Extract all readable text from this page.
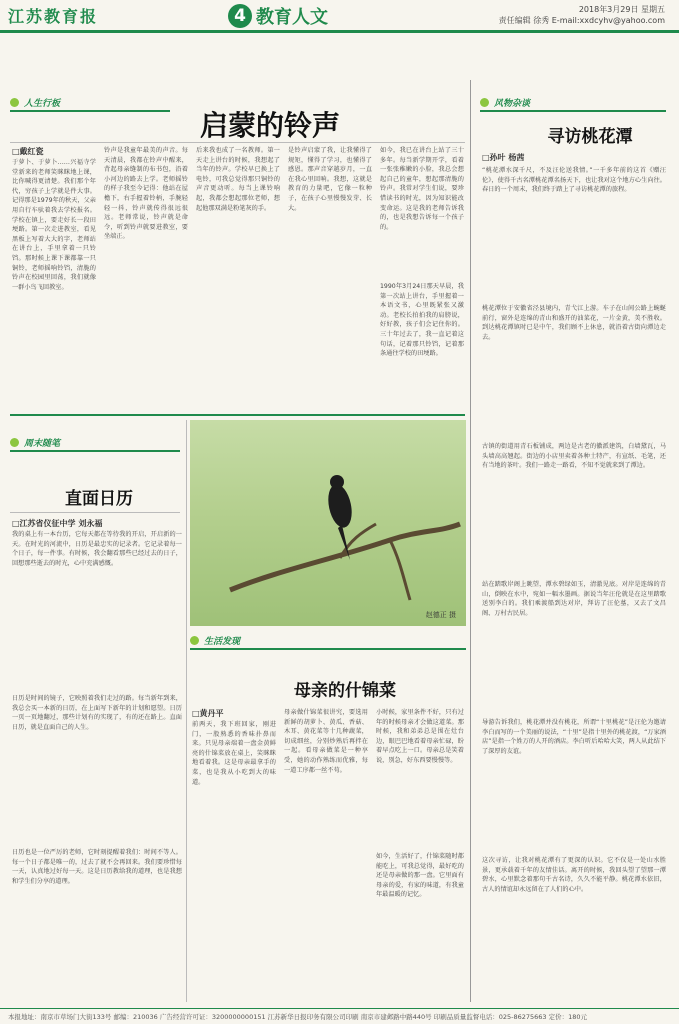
江苏教育报	4 教育人文	2018年3月29日 星期五
责任编辑 徐秀 E-mail:xxdcyhv@yahoo.com
人生行板
启蒙的铃声
□戴红瓷
于萝卜、于萝卜……兴福寺学堂新来的老师笑眯眯地上课，比你喊得更清楚。我们那个年代，穷孩子上学就是件大事。记得那是1979年的秋天，父亲用自行车驮着我去学校报名。学校在镇上，要走好长一段田埂路。第一次走进教室，看见黑板上写着大大的字，老师站在讲台上，手里拿着一只铃铛。那时候上课下课都靠一只铜铃，老师摇响铃铛，清脆的铃声在校园里回荡，我们就像一群小鸟飞回教室。
铃声是我童年最美的声音。每天清晨，我都在铃声中醒来，背起母亲缝制的布书包，沿着小河边的路去上学。老师摇铃的样子我至今记得：他站在屋檐下，右手握着铃柄，手腕轻轻一抖，铃声就传得很远很远。老师常说，铃声就是命令，听到铃声就要进教室，要坐端正。
后来我也成了一名教师。第一天走上讲台的时候，我想起了当年的铃声。学校早已换上了电铃，可我总觉得那只铜铃的声音更动听。每当上课铃响起，我都会想起那位老师，想起他那双满是粉笔灰的手。
是铃声启蒙了我，让我懂得了规矩，懂得了学习，也懂得了感恩。那声音穿越岁月，一直在我心里回响。我想，这就是教育的力量吧，它像一粒种子，在孩子心里慢慢发芽、长大。
如今，我已在讲台上站了三十多年。每当新学期开学，看着一张张稚嫩的小脸，我总会想起自己的童年，想起那清脆的铃声。我常对学生们说，要珍惜读书的时光，因为知识能改变命运。这是我的老师告诉我的，也是我想告诉每一个孩子的。
1990年3月24日那天早晨，我第一次站上讲台，手里握着一本语文书，心里既紧张又激动。老校长拍拍我的肩膀说，好好教，孩子们会记住你的。三十年过去了，我一直记着这句话，记着那只铃铛，记着那条通往学校的田埂路。
风物杂谈
寻访桃花潭
□孙叶 杨茜
“桃花潭水深千尺，不及汪伦送我情。”一千多年前的这首《赠汪伦》，使得千古名潭桃花潭名扬天下，也让我对这个地方心生向往。春日的一个周末，我们终于踏上了寻访桃花潭的旅程。
桃花潭位于安徽省泾县境内，青弋江上游。车子在山间公路上蜿蜒前行，窗外是连绵的青山和盛开的油菜花，一片金黄，美不胜收。到达桃花潭镇时已是中午，我们顾不上休息，就沿着古街向潭边走去。
古镇的街道用青石板铺成，两边是古老的徽派建筑，白墙黛瓦，马头墙高高翘起。街边的小店里卖着各种土特产，有宣纸、毛笔，还有当地的茶叶。我们一路走一路看，不知不觉就来到了潭边。
站在踏歌岸阁上眺望，潭水碧绿如玉，清澈见底。对岸是连绵的青山，倒映在水中，宛如一幅水墨画。据说当年汪伦就是在这里踏歌送别李白的。我们乘渡船到达对岸，拜访了汪伦墓，又去了文昌阁、万村古民居。
导游告诉我们，桃花潭并没有桃花，所谓“十里桃花”是汪伦为邀请李白而写的一个美丽的说法，“十里”是指十里外的桃花渡，“万家酒店”是指一个姓万的人开的酒店。李白听后哈哈大笑，两人从此结下了深厚的友谊。
这次寻访，让我对桃花潭有了更深的认识。它不仅是一处山水胜景，更承载着千年的友情佳话。离开的时候，我回头望了望那一潭碧水，心里默念着那句千古名诗，久久不能平静。桃花潭水依旧，古人的情谊却永远留在了人们的心中。
周末随笔
直面日历
□江苏省仪征中学 刘永福
我的桌上有一本台历，它每天都在等待我的开启，开启新的一天。在时光的河流中，日历是最忠实的记录者。它记录着每一个日子，每一件事。有时候，我会翻看那些已经过去的日子，回想那些逝去的时光，心中充满感慨。
日历是时间的镜子，它映照着我们走过的路。每当新年到来，我总会买一本新的日历，在上面写下新年的计划和愿望。日历一页一页地翻过，那些计划有的实现了，有的还在路上。直面日历，就是直面自己的人生。
日历也是一位严厉的老师，它时刻提醒着我们：时间不等人。每一个日子都是唯一的，过去了就不会再回来。我们要珍惜每一天，认真地过好每一天。这是日历教给我的道理，也是我想和学生们分享的道理。
赵德正 摄
生活发现
母亲的什锦菜
□黄丹平
前两天，我下班回家，刚进门，一股熟悉的香味扑鼻而来。只见母亲端着一盘金黄鲜亮的什锦菜放在桌上，笑眯眯地看着我。这是母亲最拿手的菜，也是我从小吃到大的味道。
母亲做什锦菜很讲究，要选用新鲜的胡萝卜、黄瓜、香菇、木耳、黄花菜等十几种蔬菜，切成细丝，分别炒熟后再拌在一起。看母亲做菜是一种享受，她的动作熟练而优雅，每一道工序都一丝不苟。
小时候，家里条件不好，只有过年的时候母亲才会做这道菜。那时候，我和弟弟总是围在灶台边，眼巴巴地看着母亲忙碌，盼着早点吃上一口。母亲总是笑着说，别急，好东西要慢慢等。
如今，生活好了，什锦菜随时都能吃上，可我总觉得，最好吃的还是母亲做的那一盘。它里面有母亲的爱，有家的味道，有我童年最温暖的记忆。
本报地址：南京市草场门大街133号 邮编：210036 广告经营许可证：3200000000151 江苏新华日报印务有限公司印刷 南京市建邺路中路440号 印刷品质量监督电话：025-86275663 定价：180元
